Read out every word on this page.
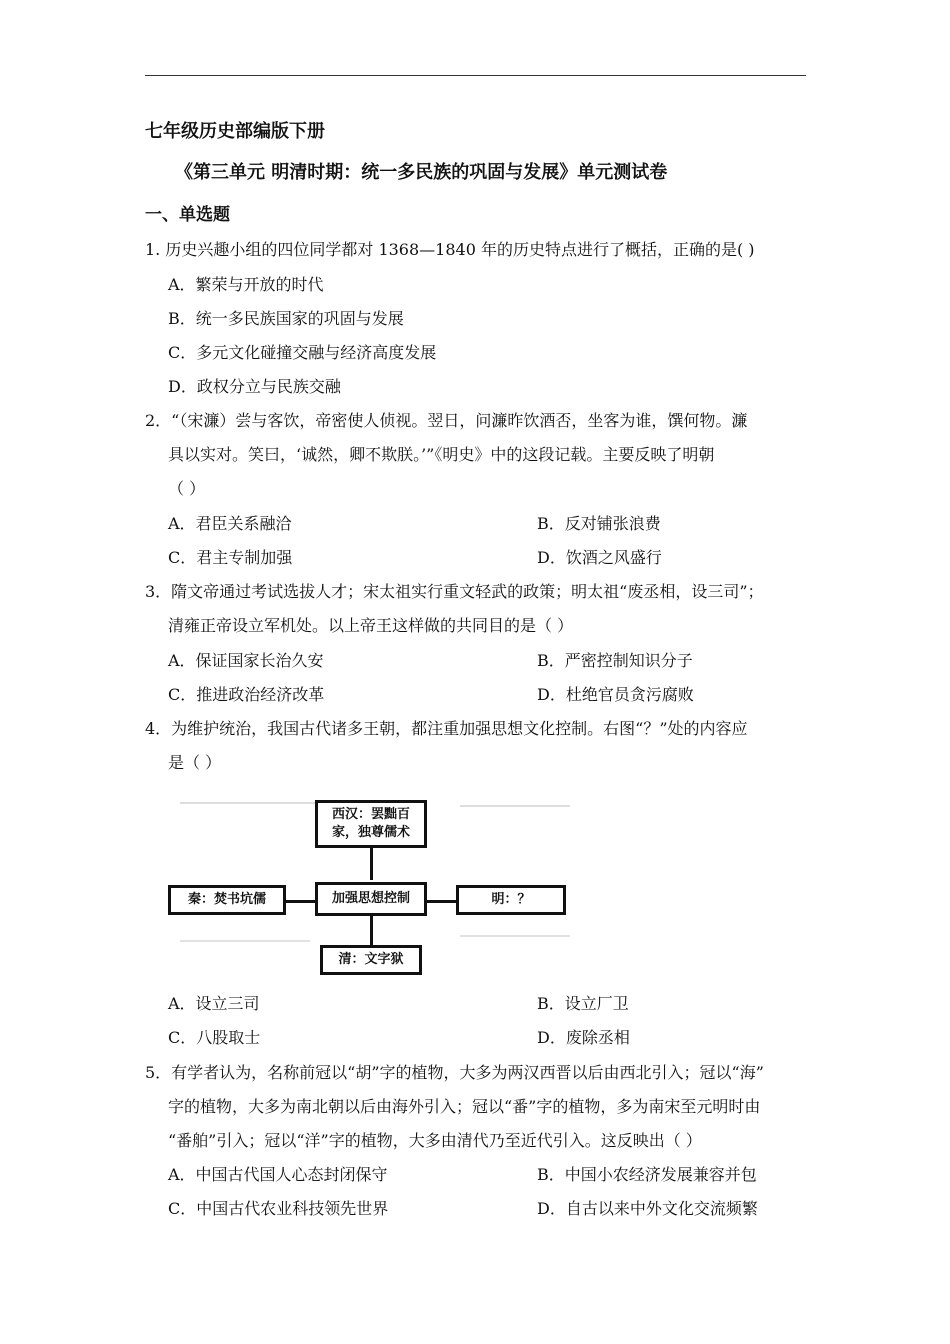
七年级历史部编版下册
《第三单元 明清时期：统一多民族的巩固与发展》单元测试卷
一、单选题
1. 历史兴趣小组的四位同学都对 1368—1840 年的历史特点进行了概括，正确的是( )
A．繁荣与开放的时代
B．统一多民族国家的巩固与发展
C．多元文化碰撞交融与经济高度发展
D．政权分立与民族交融
2．“（宋濂）尝与客饮，帝密使人侦视。翌日，问濂昨饮酒否，坐客为谁，馔何物。濂
具以实对。笑曰，‘诚然，卿不欺朕。’”《明史》中的这段记载。主要反映了明朝
（ ）
A．君臣关系融洽	B．反对铺张浪费
C．君主专制加强	D．饮酒之风盛行
3．隋文帝通过考试选拔人才；宋太祖实行重文轻武的政策；明太祖“废丞相，设三司”；
清雍正帝设立军机处。以上帝王这样做的共同目的是（ ）
A．保证国家长治久安	B．严密控制知识分子
C．推进政治经济改革	D．杜绝官员贪污腐败
4．为维护统治，我国古代诸多王朝，都注重加强思想文化控制。右图“？”处的内容应
是（ ）
西汉：罢黜百家，独尊儒术
加强思想控制
秦：焚书坑儒	明：？
清：文字狱
A．设立三司	B．设立厂卫
C．八股取士	D．废除丞相
5．有学者认为，名称前冠以“胡”字的植物，大多为两汉西晋以后由西北引入；冠以“海”
字的植物，大多为南北朝以后由海外引入；冠以“番”字的植物，多为南宋至元明时由
“番舶”引入；冠以“洋”字的植物，大多由清代乃至近代引入。这反映出（ ）
A．中国古代国人心态封闭保守	B．中国小农经济发展兼容并包
C．中国古代农业科技领先世界	D．自古以来中外文化交流频繁
